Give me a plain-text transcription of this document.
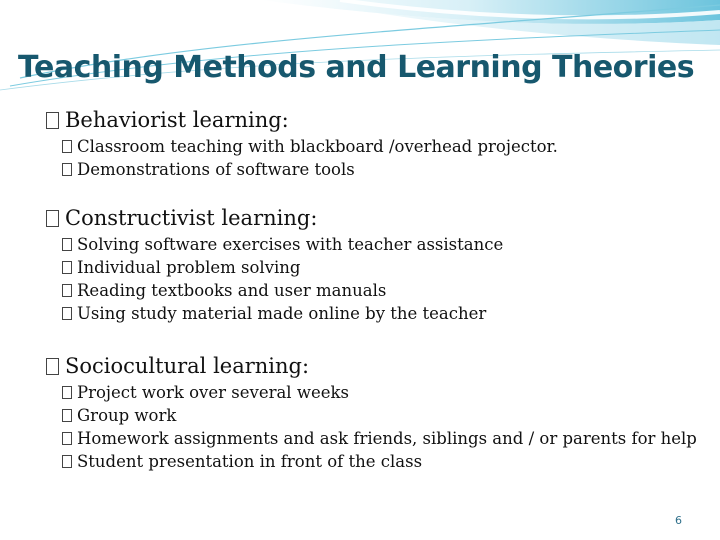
Teaching Methods and Learning Theories
Behaviorist learning:
Classroom teaching with blackboard /overhead projector.
Demonstrations of software tools
Constructivist learning:
Solving software exercises with teacher assistance
Individual problem solving
Reading textbooks and user manuals
Using study material made online by the teacher
Sociocultural learning:
Project work over several weeks
Group work
Homework assignments and ask friends, siblings and / or parents for help
Student presentation in front of the class
6
